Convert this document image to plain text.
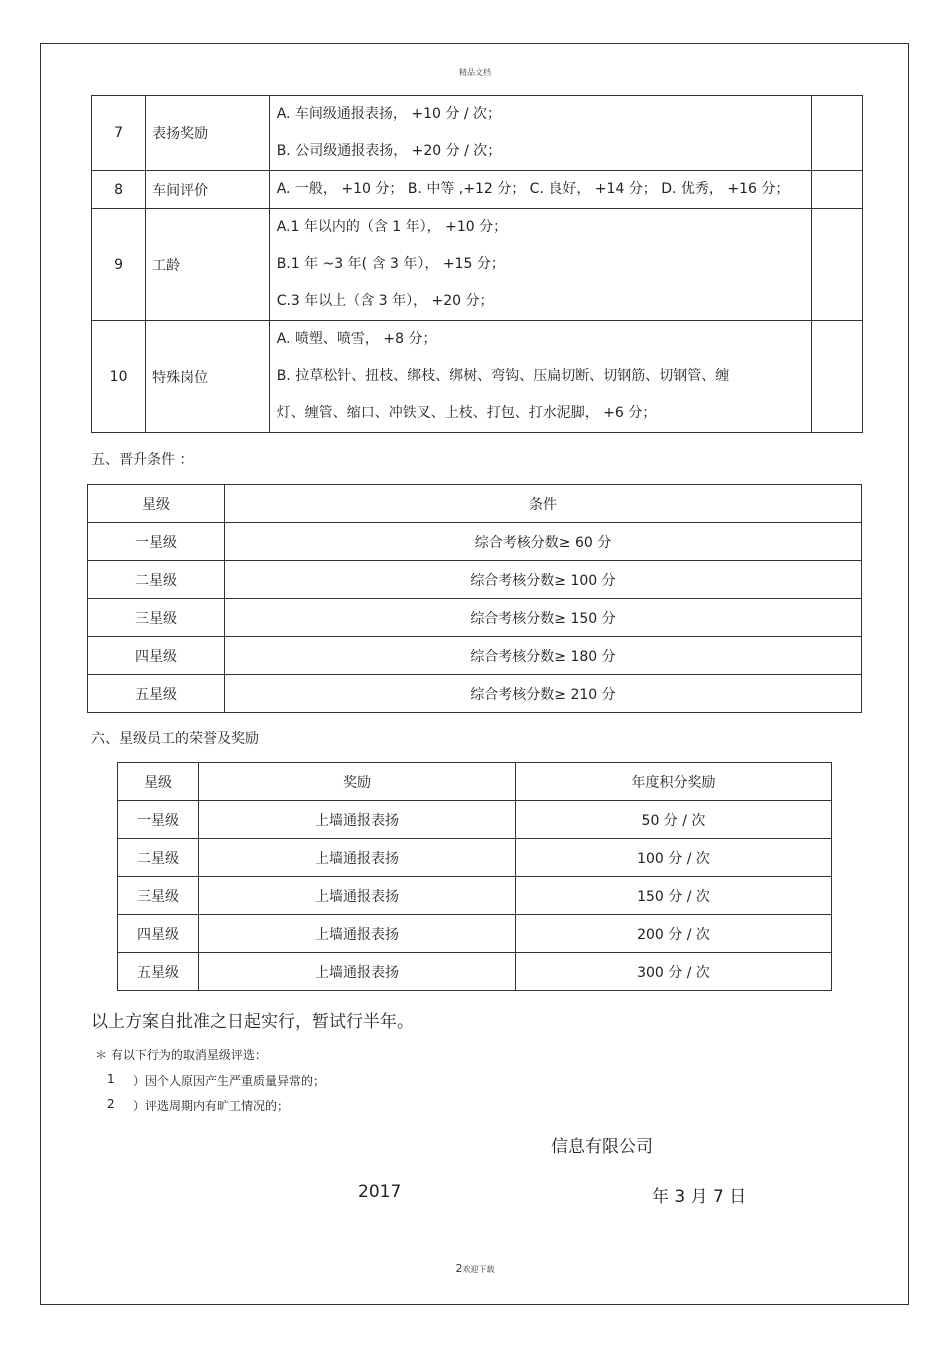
精品文档
7	表扬奖励	A. 车间级通报表扬， +10 分 / 次；
B. 公司级通报表扬， +20 分 / 次；	

8	车间评价	A. 一般， +10 分； B. 中等 ,+12 分； C. 良好， +14 分； D. 优秀， +16 分；	

9	工龄	A.1 年以内的（含 1 年）， +10 分；
B.1 年 ~3 年( 含 3 年）， +15 分；
C.3 年以上（含 3 年）， +20 分；	

10	特殊岗位	A. 喷塑、喷雪， +8 分；
B. 拉草松针、扭枝、绑枝、绑树、弯钩、压扁切断、切钢筋、切钢管、缠
灯、缠管、缩口、冲铁叉、上枝、打包、打水泥脚， +6 分；	

五、晋升条件 ：
星级	条件
一星级	综合考核分数≥ 60 分
二星级	综合考核分数≥ 100 分
三星级	综合考核分数≥ 150 分
四星级	综合考核分数≥ 180 分
五星级	综合考核分数≥ 210 分
六、星级员工的荣誉及奖励
星级	奖励	年度积分奖励
一星级	上墙通报表扬	50 分 / 次
二星级	上墙通报表扬	100 分 / 次
三星级	上墙通报表扬	150 分 / 次
四星级	上墙通报表扬	200 分 / 次
五星级	上墙通报表扬	300 分 / 次
以上方案自批准之日起实行，暂试行半年。
＊ 有以下行为的取消星级评选：
1 ）因个人原因产生严重质量异常的；
2 ）评选周期内有旷工情况的；
信息有限公司
2017	年 3 月 7 日
2欢迎下载
